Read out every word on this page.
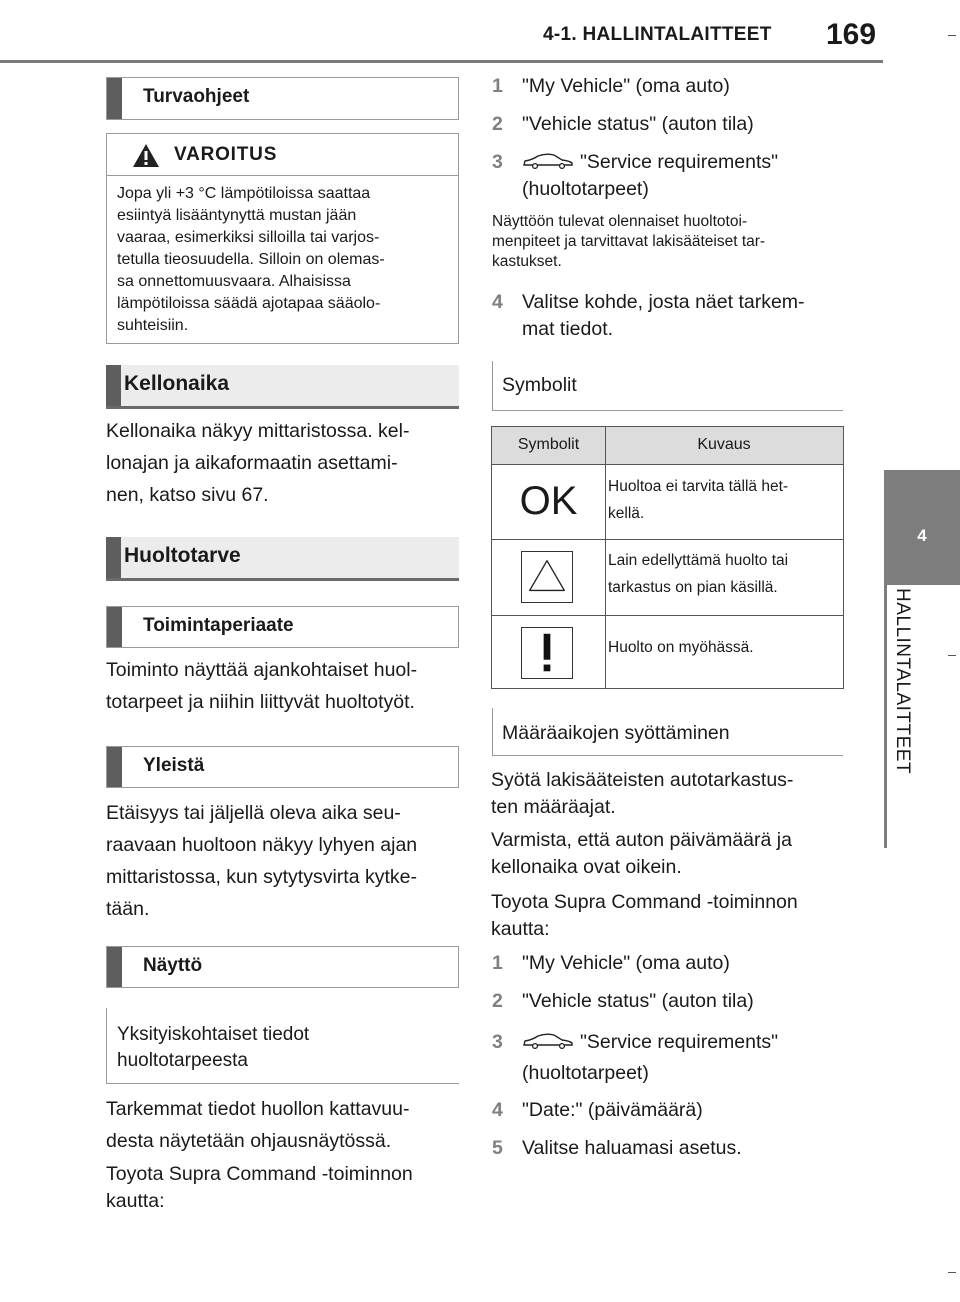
4-1. HALLINTALAITTEET 169
4
HALLINTALAITTEET
Turvaohjeet
VAROITUS
Jopa yli +3 °C lämpötiloissa saattaa
esiintyä lisääntynyttä mustan jään
vaaraa, esimerkiksi silloilla tai varjos-
tetulla tieosuudella. Silloin on olemas-
sa onnettomuusvaara. Alhaisissa
lämpötiloissa säädä ajotapaa sääolo-
suhteisiin.
Kellonaika
Kellonaika näkyy mittaristossa. kel-
lonajan ja aikaformaatin asettami-
nen, katso sivu 67.
Huoltotarve
Toimintaperiaate
Toiminto näyttää ajankohtaiset huol-
totarpeet ja niihin liittyvät huoltotyöt.
Yleistä
Etäisyys tai jäljellä oleva aika seu-
raavaan huoltoon näkyy lyhyen ajan
mittaristossa, kun sytytysvirta kytke-
tään.
Näyttö
Yksityiskohtaiset tiedot
huoltotarpeesta
Tarkemmat tiedot huollon kattavuu-
desta näytetään ohjausnäytössä.
Toyota Supra Command -toiminnon
kautta:
1 "My Vehicle" (oma auto)
2 "Vehicle status" (auton tila)
3	"Service requirements"
(huoltotarpeet)
Näyttöön tulevat olennaiset huoltotoi-
menpiteet ja tarvittavat lakisääteiset tar-
kastukset.
4 Valitse kohde, josta näet tarkem-
mat tiedot.
Symbolit
Symbolit	Kuvaus
OK	Huoltoa ei tarvita tällä het-
kellä.
Lain edellyttämä huolto tai
tarkastus on pian käsillä.
Huolto on myöhässä.
Määräaikojen syöttäminen
Syötä lakisääteisten autotarkastus-
ten määräajat.
Varmista, että auton päivämäärä ja
kellonaika ovat oikein.
Toyota Supra Command -toiminnon
kautta:
1 "My Vehicle" (oma auto)
2 "Vehicle status" (auton tila)
3	"Service requirements"
(huoltotarpeet)
4 "Date:" (päivämäärä)
5 Valitse haluamasi asetus.
